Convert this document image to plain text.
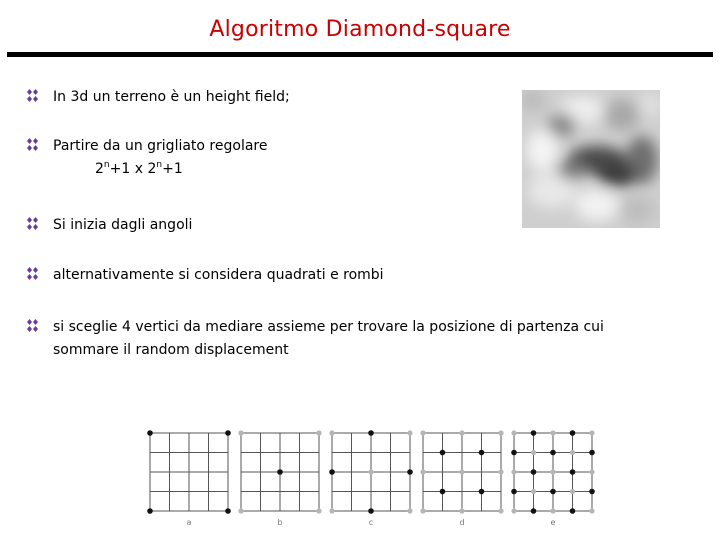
Algoritmo Diamond-square
In 3d un terreno è un height field;
Partire da un grigliato regolare
$2^n+1$ x $2^n+1$
Si inizia dagli angoli
alternativamente si considera quadrati e rombi
si sceglie 4 vertici da mediare assieme per trovare la posizione di partenza cui sommare il random displacement
a	b	c	d	e
